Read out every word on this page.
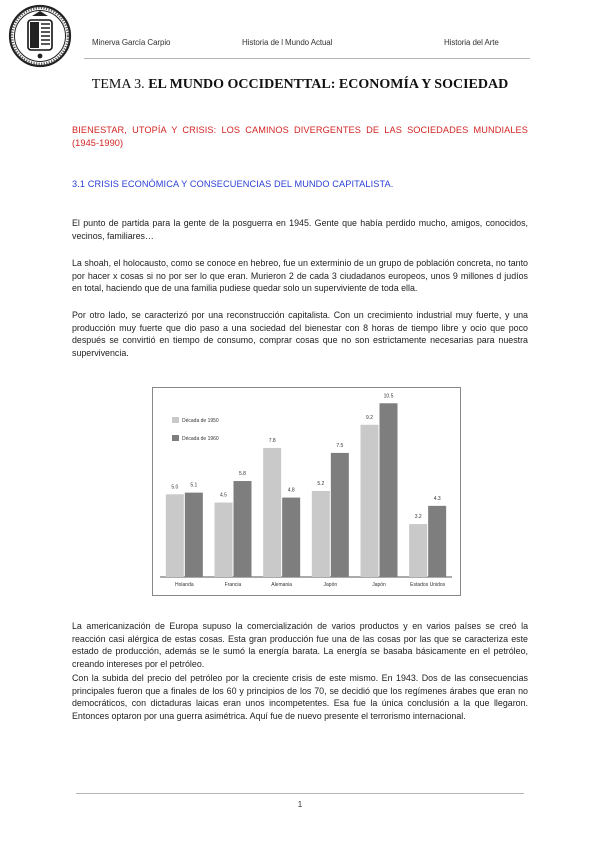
Minerva García Carpio	Historia de l Mundo Actual	Historia del Arte
TEMA 3. EL MUNDO OCCIDENTTAL: ECONOMÍA Y SOCIEDAD
BIENESTAR, UTOPÍA Y CRISIS: LOS CAMINOS DIVERGENTES DE LAS SOCIEDADES MUNDIALES (1945-1990)
3.1 CRISIS ECONÓMICA Y CONSECUENCIAS DEL MUNDO CAPITALISTA.
El punto de partida para la gente de la posguerra en 1945. Gente que había perdido mucho, amigos, conocidos, vecinos, familiares…
La shoah, el holocausto, como se conoce en hebreo, fue un exterminio de un grupo de población concreta, no tanto por hacer x cosas si no por ser lo que eran. Murieron 2 de cada 3 ciudadanos europeos, unos 9 millones d judíos en total, haciendo que de una familia pudiese quedar solo un superviviente de toda ella.
Por otro lado, se caracterizó por una reconstrucción capitalista. Con un crecimiento industrial muy fuerte, y una producción muy fuerte que dio paso a una sociedad del bienestar con 8 horas de tiempo libre y ocio que poco después se convirtió en tiempo de consumo, comprar cosas que no son estrictamente necesarias para nuestra supervivencia.
5.0 5.1
Holanda
4.5
5.8
Francia
7.8
4.8
Alemania
5.2
7.5
Japón
9.2
10.5
Japón
3.2
4.3
Estados Unidos
Década de 1950
Década de 1960
La americanización de Europa supuso la comercialización de varios productos y en varios países se creó la reacción casi alérgica de estas cosas. Esta gran producción fue una de las cosas por las que se caracteriza este estado de producción, además se le sumó la energía barata. La energía se basaba básicamente en el petróleo, creando intereses por el petróleo.
Con la subida del precio del petróleo por la creciente crisis de este mismo. En 1943. Dos de las consecuencias principales fueron que a finales de los 60 y principios de los 70, se decidió que los regímenes árabes que eran no democráticos, con dictaduras laicas eran unos incompetentes. Esa fue la única conclusión a la que llegaron. Entonces optaron por una guerra asimétrica. Aquí fue de nuevo presente el terrorismo internacional.
1
